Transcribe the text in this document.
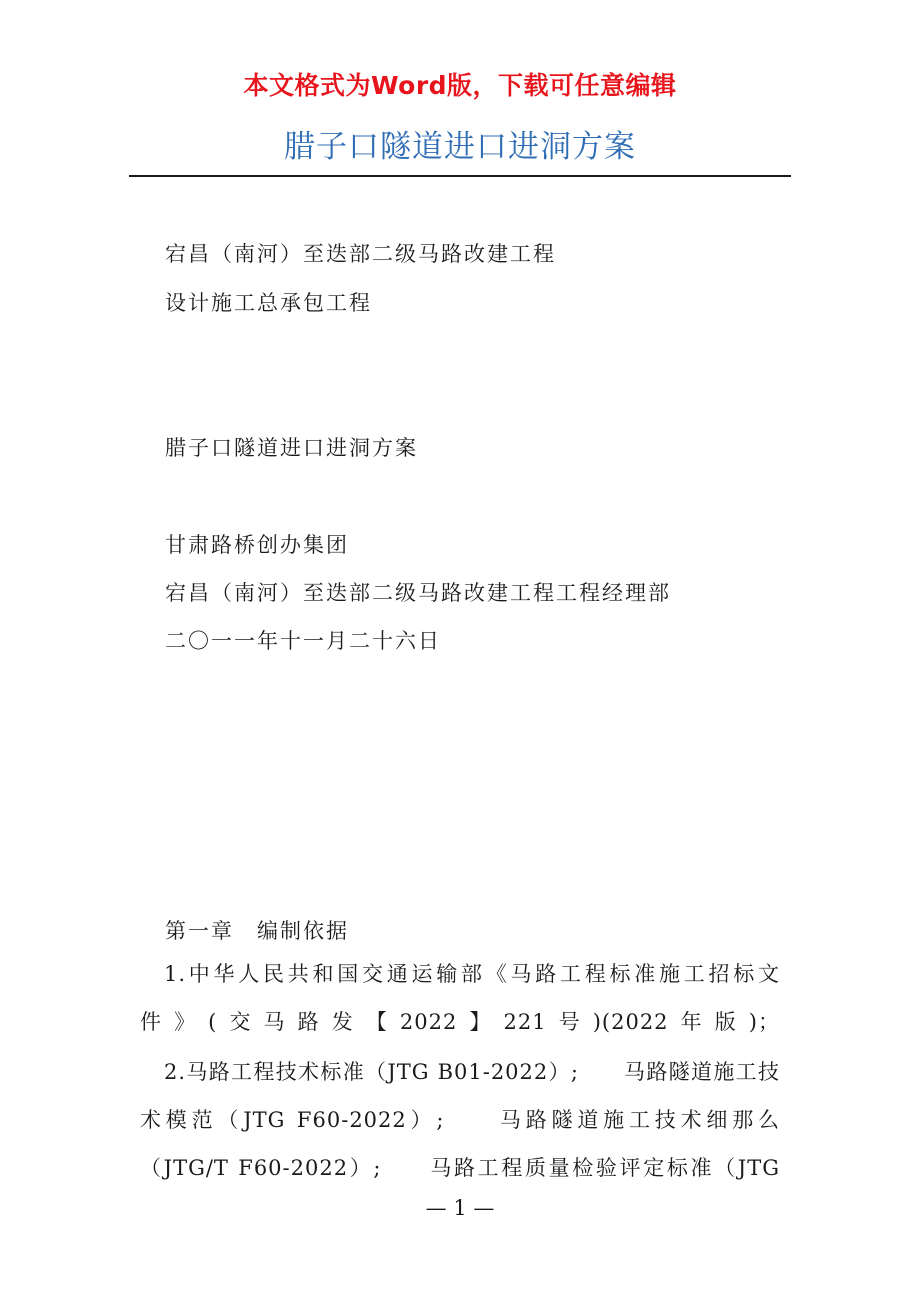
本文格式为Word版，下载可任意编辑
腊子口隧道进口进洞方案
宕昌（南河）至迭部二级马路改建工程
设计施工总承包工程
腊子口隧道进口进洞方案
甘肃路桥创办集团
宕昌（南河）至迭部二级马路改建工程工程经理部
二〇一一年十一月二十六日
第一章　编制依据
1.中华人民共和国交通运输部《马路工程标准施工招标文
件》(交马路发【2022】221号)(2022年版)；
2.马路工程技术标准（JTG B01-2022）;　　马路隧道施工技
术模范（JTG F60-2022）;　　马路隧道施工技术细那么
（JTG/T F60-2022）;　　马路工程质量检验评定标准（JTG
— 1 —
